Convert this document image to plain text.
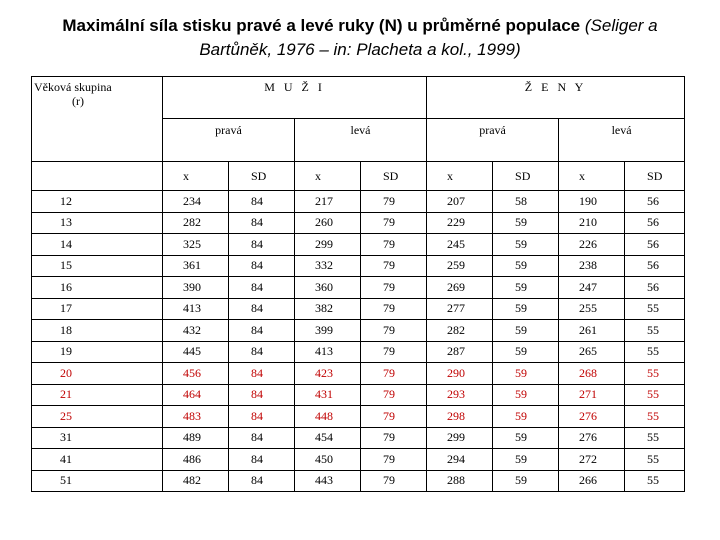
Maximální síla stisku pravé a levé ruky (N) u průměrné populace (Seliger a
Bartůněk, 1976 – in: Placheta a kol., 1999)
Věková skupina
(r)	M U Ž I				Ž E N Y			
	pravá		levá		pravá		levá	
	x	SD	x	SD	x	SD	x	SD
12	234	84	217	79	207	58	190	56
13	282	84	260	79	229	59	210	56
14	325	84	299	79	245	59	226	56
15	361	84	332	79	259	59	238	56
16	390	84	360	79	269	59	247	56
17	413	84	382	79	277	59	255	55
18	432	84	399	79	282	59	261	55
19	445	84	413	79	287	59	265	55
20	456	84	423	79	290	59	268	55
21	464	84	431	79	293	59	271	55
25	483	84	448	79	298	59	276	55
31	489	84	454	79	299	59	276	55
41	486	84	450	79	294	59	272	55
51	482	84	443	79	288	59	266	55
